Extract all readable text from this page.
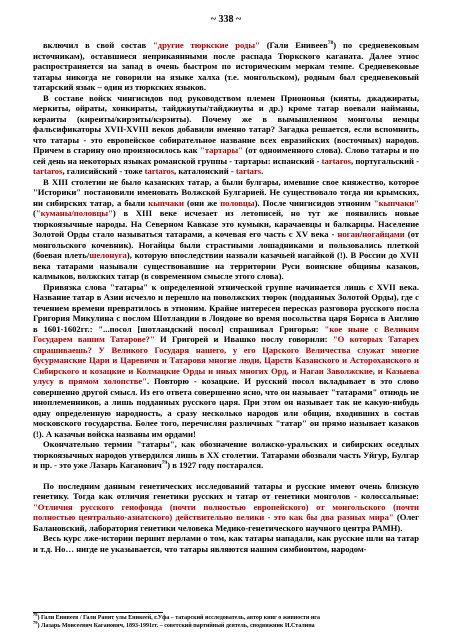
~ 338 ~

включил в свой состав "другие тюркские роды" (Гали Енивеев$^{78}$) по средневековым источникам), оставшиеся неприкаянными после распада Тюркского каганата. Далее этнос распространяется на запад в очень быстром по историческим меркам темпе. Средневековые татары никогда не говорили на языке халха (т.е. монгольском), родным был средневековый татарский язык – один из тюркских языков.

В составе войск чингисидов под руководством племен Приононья (кияты, джаджираты, меркиты, ойраты, хонкираты, тайджиуты/тайджиуты и др.) кроме татар воевали найманы, кераиты (киреиты/кирэиты/кэрэиты). Почему же в вымышленном монголы немцы фальсификаторы XVII-XVIII веков добавили именно татар? Загадка решается, если вспомнить, что татары - это европейское собирательное название всех евразийских (восточных) народов. Причем в старину оно произносилось как "тартары" (от одноименного слова). Слово татары и по сей день на некоторых языках романской группы - тартары: испанский - tartaros, португальский - tartaros, галисийский - тоже tartaros, каталонский - tartars.

В XIII столетии не было казанских татар, а были булгары, имевшие свое княжество, которое "Историки" постановили именовать Волжской Булгарией. Не существовало тогда ни крымских, ни сибирских татар, а были кыпчаки (они же половцы). После чингисидов этноним "кыпчаки" ("куманы/половцы") в XIII веке исчезает из летописей, но тут же появились новые тюркоязычные народы. На Северном Кавказе это кумыки, карачаевцы и балкарцы. Население Золотой Орды стало называться татарами, а кочевая его часть с XV века - ногаи/ногайцами (от монгольского кочевник). Ногайцы были страстными лошадниками и пользовались плеткой (боевая плеть/шелонуга), которую впоследствии назвали казачьей нагайкой (!). В России до XVII века татарами называли существовавшие на территории Руси воинские общины казаков, калмыков, волжских татар (в современном смысле этого слова).

Привязка слова "татары" к определенной этнической группе начинается лишь с XVII века. Название татар в Азии исчезло и перешло на поволжских тюрок (подданных Золотой Орды), где с течением времени превратилось в этноним. Крайне интересен пересказ разговора русского посла Григория Микулина с послом Шотландии в Лондоне во время посольства царя Бориса в Англию в 1601-1602гг.: "...посол [шотландский посол] спрашивал Григорья: "кое ныне с Великим Государем вашим Татарове?" И Григорей и Ивашко послу говорили: "О которых Татарех спрашиваешь? У Великого Государя нашего, у его Царского Величества служат многие бусурманские Цари и Царевичи и Татаровя многие люди, Царств Казанского и Астороханского и Сибирского и козацкие и Колмацкие Орды и иных многих Орд, и Нагаи Заволжские, и Казыева улусу в прямом холопстве". Повторю - козацкие. И русский посол вкладывает в это слово совершенно другой смысл. Из его ответа совершенно ясно, что он называет "татарами" отнюдь не иноплеменников, а лишь подданных русского царя. При этом он называет так не какую-нибудь одну определенную народность, а сразу несколько народов или общин, входивших в состав московского государства. Более того, перечисляя различных "татар" он прямо называет казаков (!). А казачьи войска названы им ордами!

Окончательно термин "татары", как обозначение волжско-уральских и сибирских оседлых тюркоязычных народов утвердился лишь в XX столетии. Татарами обозвали часть Уйгур, Булгар и пр. - это уже Лазарь Каганович$^{79}$) в 1927 году постарался.

По последним данным генетических исследований татары и русские имеют очень близкую генетику. Тогда как отличия генетики русских и татар от генетики монголов - колоссальные: "Отличия русского генофонда (почти полностью европейского) от монгольского (почти полностью центрально-азиатского) действительно велики - это как бы два разных мира" (Олег Балановский, лаборатория генетики человека Медико-генетического научного центра РАМН).

Весь курс лже-истории пеpшит перлами о том, как татары нападали, как русские шли на татар и т.д. Но… нигде не указывается, что татары являются нашим симбионтом, народом-

$^{78}$) Гали Енивеев / Гали Ранит улы Еникеей, г.Уфа – татарский исследователь, автор книг о живности ига
$^{79}$) Лазарь Моисеевич Каганович, 1893-1991гг. – советский партийный деятель, сподвижник И.Сталина
